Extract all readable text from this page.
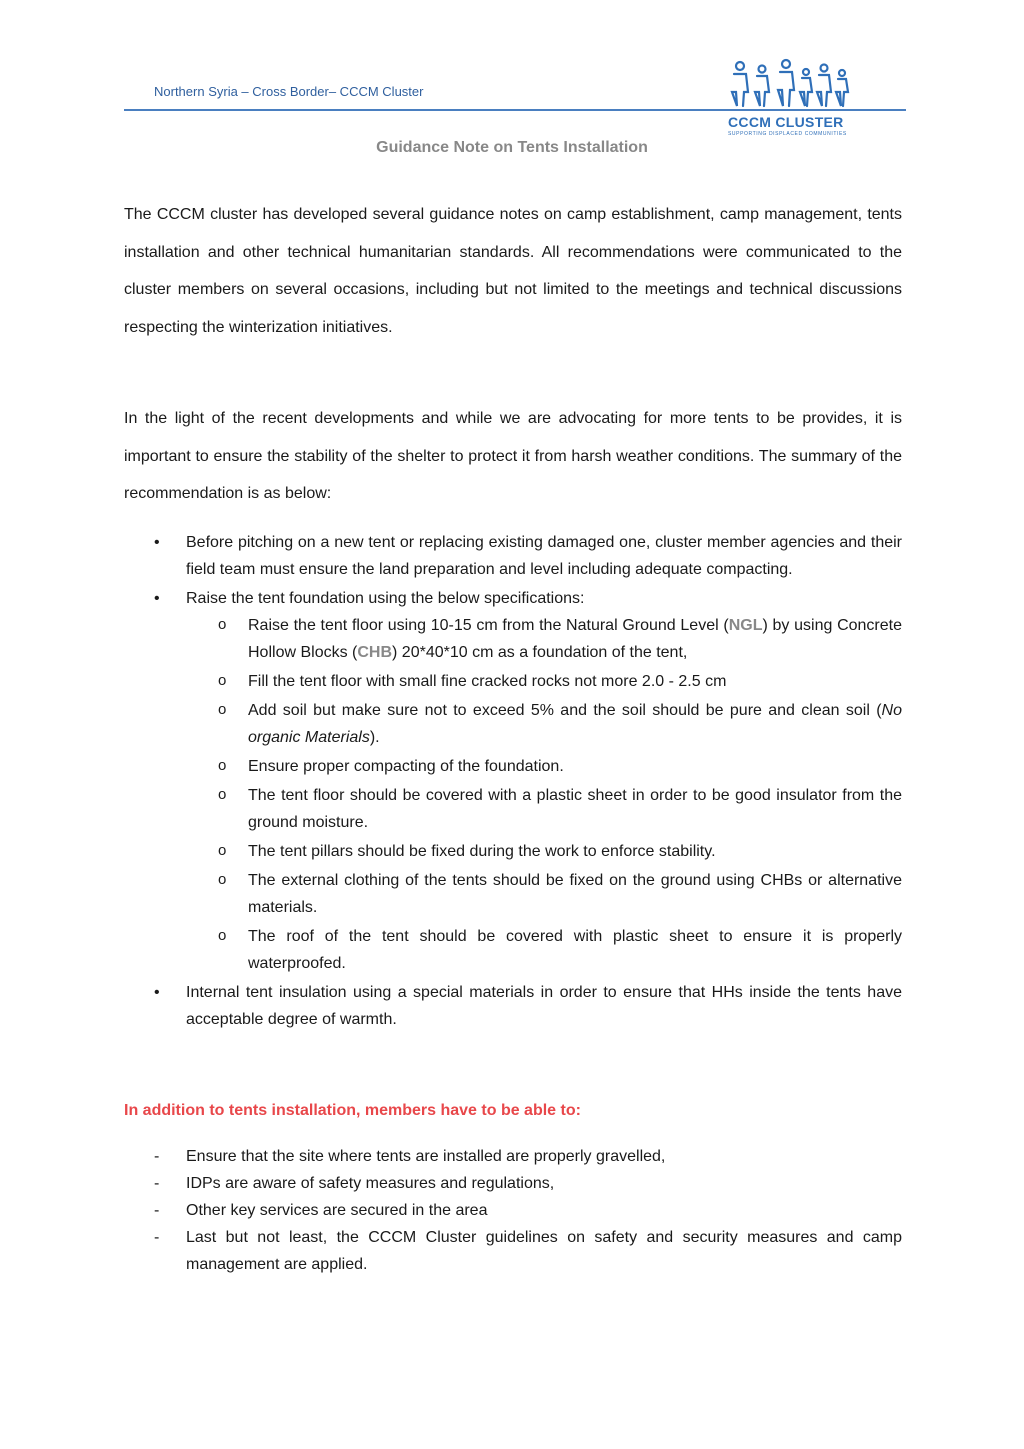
Northern Syria – Cross Border– CCCM Cluster
CCCM CLUSTER
SUPPORTING DISPLACED COMMUNITIES
Guidance Note on Tents Installation

The CCCM cluster has developed several guidance notes on camp establishment, camp management, tents installation and other technical humanitarian standards. All recommendations were communicated to the cluster members on several occasions, including but not limited to the meetings and technical discussions respecting the winterization initiatives.

In the light of the recent developments and while we are advocating for more tents to be provides, it is important to ensure the stability of the shelter to protect it from harsh weather conditions. The summary of the recommendation is as below:

• Before pitching on a new tent or replacing existing damaged one, cluster member agencies and their field team must ensure the land preparation and level including adequate compacting.
• Raise the tent foundation using the below specifications:
o Raise the tent floor using 10-15 cm from the Natural Ground Level (NGL) by using Concrete Hollow Blocks (CHB) 20*40*10 cm as a foundation of the tent,
o Fill the tent floor with small fine cracked rocks not more 2.0 - 2.5 cm
o Add soil but make sure not to exceed 5% and the soil should be pure and clean soil (No organic Materials).
o Ensure proper compacting of the foundation.
o The tent floor should be covered with a plastic sheet in order to be good insulator from the ground moisture.
o The tent pillars should be fixed during the work to enforce stability.
o The external clothing of the tents should be fixed on the ground using CHBs or alternative materials.
o The roof of the tent should be covered with plastic sheet to ensure it is properly waterproofed.
• Internal tent insulation using a special materials in order to ensure that HHs inside the tents have acceptable degree of warmth.

In addition to tents installation, members have to be able to:

- Ensure that the site where tents are installed are properly gravelled,
- IDPs are aware of safety measures and regulations,
- Other key services are secured in the area
- Last but not least, the CCCM Cluster guidelines on safety and security measures and camp management are applied.
